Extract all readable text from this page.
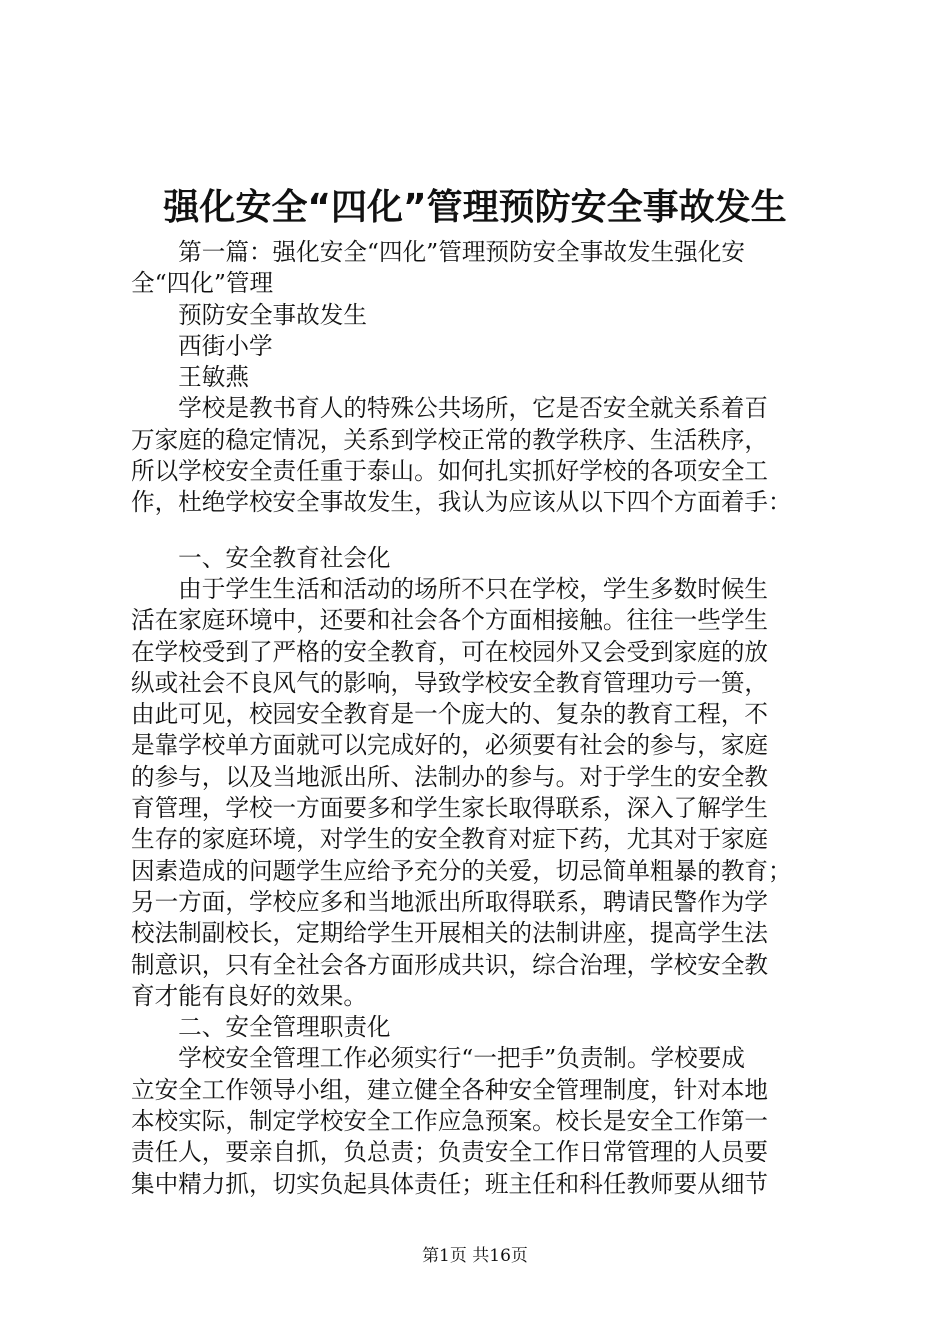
强化安全“四化”管理预防安全事故发生
　　第一篇：强化安全“四化”管理预防安全事故发生强化安
全“四化”管理
　　预防安全事故发生
　　西街小学
　　王敏燕
　　学校是教书育人的特殊公共场所，它是否安全就关系着百
万家庭的稳定情况，关系到学校正常的教学秩序、生活秩序，
所以学校安全责任重于泰山。如何扎实抓好学校的各项安全工
作，杜绝学校安全事故发生，我认为应该从以下四个方面着手：
　　一、安全教育社会化
　　由于学生生活和活动的场所不只在学校，学生多数时候生
活在家庭环境中，还要和社会各个方面相接触。往往一些学生
在学校受到了严格的安全教育，可在校园外又会受到家庭的放
纵或社会不良风气的影响，导致学校安全教育管理功亏一篑，
由此可见，校园安全教育是一个庞大的、复杂的教育工程，不
是靠学校单方面就可以完成好的，必须要有社会的参与，家庭
的参与，以及当地派出所、法制办的参与。对于学生的安全教
育管理，学校一方面要多和学生家长取得联系，深入了解学生
生存的家庭环境，对学生的安全教育对症下药，尤其对于家庭
因素造成的问题学生应给予充分的关爱，切忌简单粗暴的教育；
另一方面，学校应多和当地派出所取得联系，聘请民警作为学
校法制副校长，定期给学生开展相关的法制讲座，提高学生法
制意识，只有全社会各方面形成共识，综合治理，学校安全教
育才能有良好的效果。
　　二、安全管理职责化
　　学校安全管理工作必须实行“一把手”负责制。学校要成
立安全工作领导小组，建立健全各种安全管理制度，针对本地
本校实际，制定学校安全工作应急预案。校长是安全工作第一
责任人，要亲自抓，负总责；负责安全工作日常管理的人员要
集中精力抓，切实负起具体责任；班主任和科任教师要从细节
第1页 共16页
